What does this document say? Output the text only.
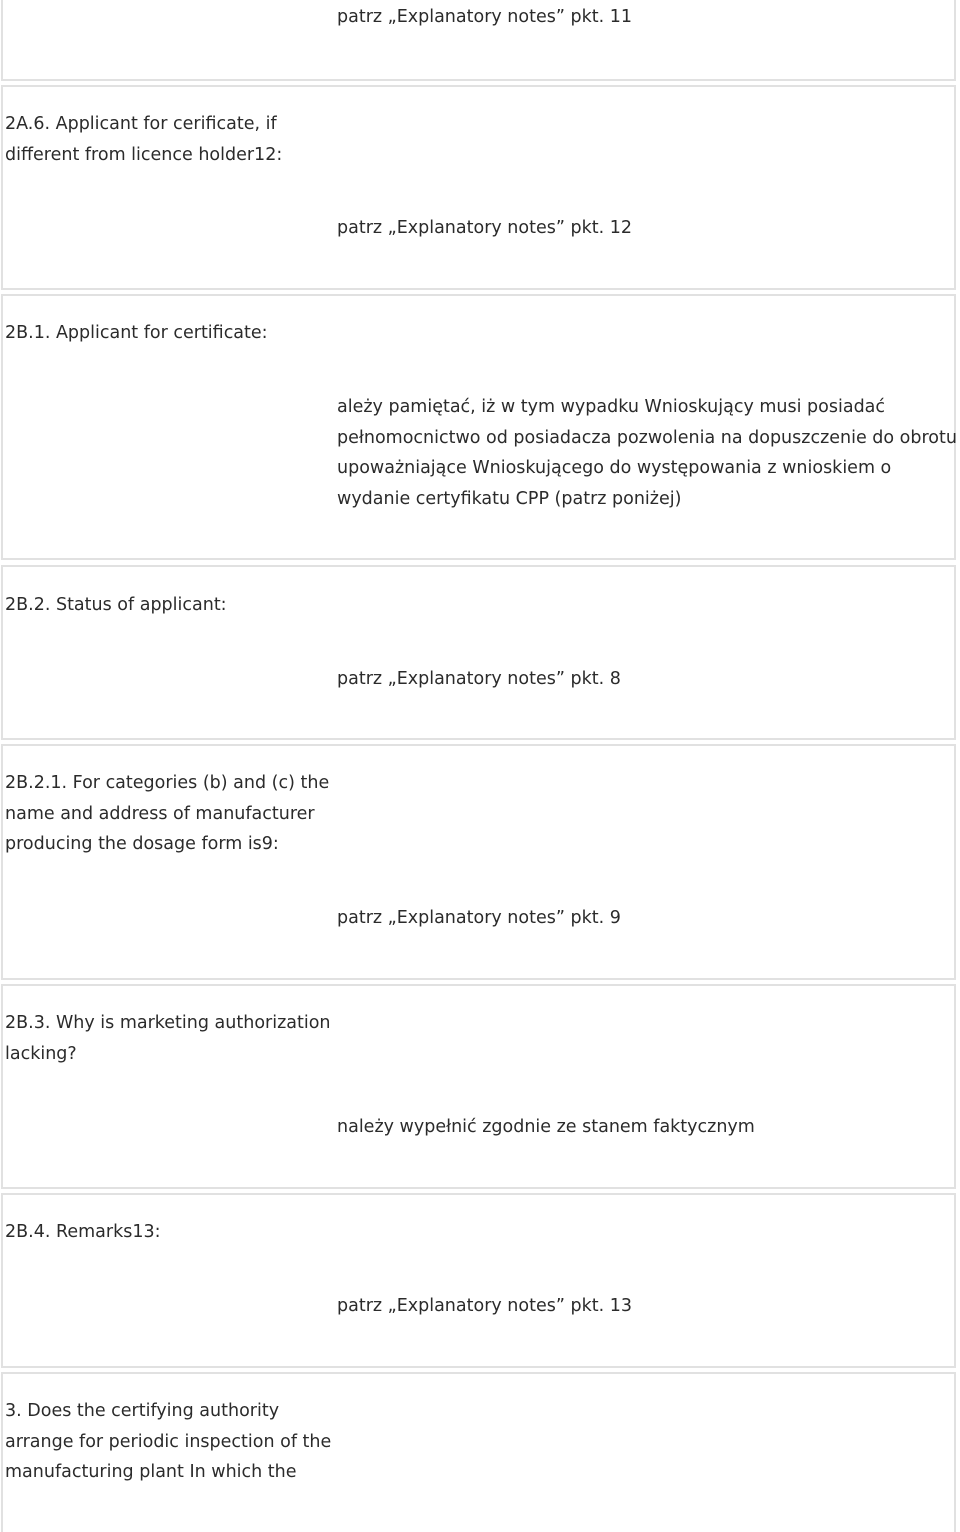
patrz „Explanatory notes” pkt. 11
2A.6. Applicant for cerificate, if
different from licence holder12:
patrz „Explanatory notes” pkt. 12
2B.1. Applicant for certificate:
ależy pamiętać, iż w tym wypadku Wnioskujący musi posiadać
pełnomocnictwo od posiadacza pozwolenia na dopuszczenie do obrotu
upoważniające Wnioskującego do występowania z wnioskiem o
wydanie certyfikatu CPP (patrz poniżej)
2B.2. Status of applicant:
patrz „Explanatory notes” pkt. 8
2B.2.1. For categories (b) and (c) the
name and address of manufacturer
producing the dosage form is9:
patrz „Explanatory notes” pkt. 9
2B.3. Why is marketing authorization
lacking?
należy wypełnić zgodnie ze stanem faktycznym
2B.4. Remarks13:
patrz „Explanatory notes” pkt. 13
3. Does the certifying authority
arrange for periodic inspection of the
manufacturing plant In which the
